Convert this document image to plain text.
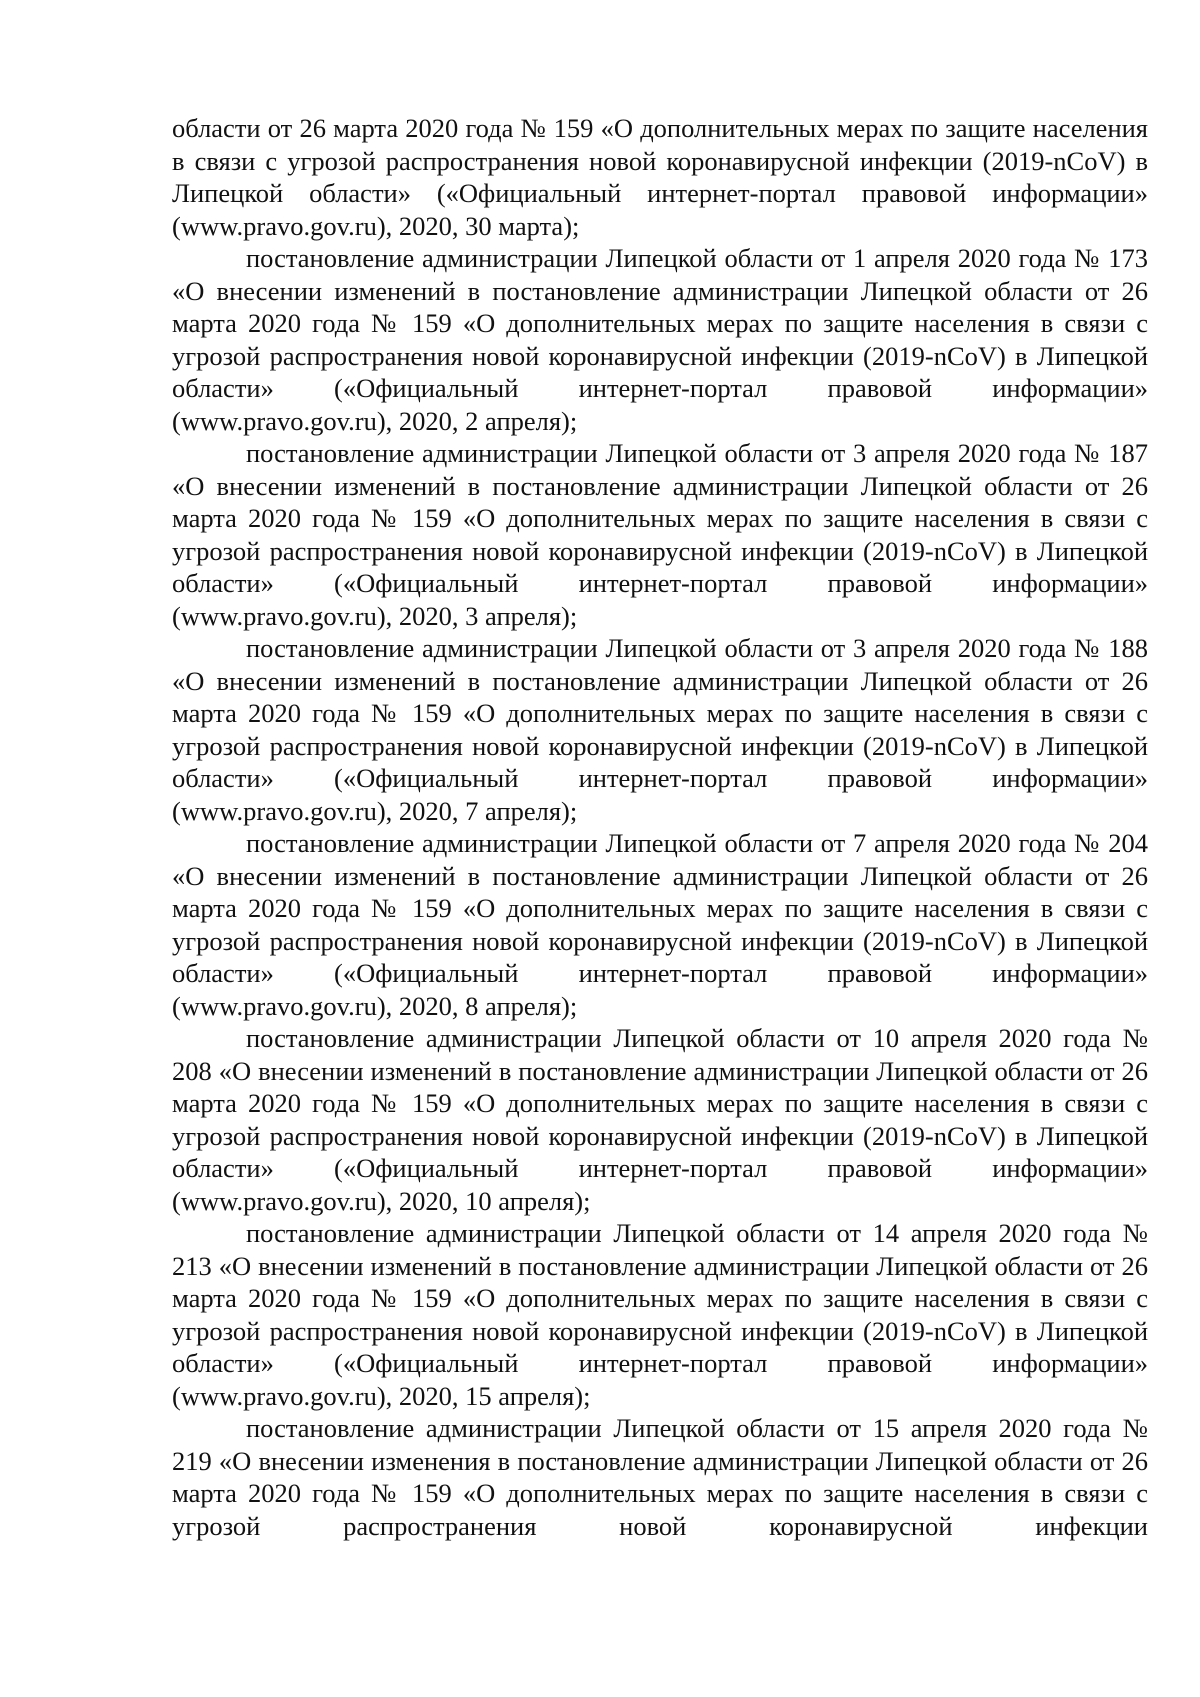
области от 26 марта 2020 года № 159 «О дополнительных мерах по защите населения в связи с угрозой распространения новой коронавирусной инфекции (2019-nCoV) в Липецкой области» («Официальный интернет-портал правовой информации» (www.pravo.gov.ru), 2020, 30 марта);

постановление администрации Липецкой области от 1 апреля 2020 года № 173 «О внесении изменений в постановление администрации Липецкой области от 26 марта 2020 года № 159 «О дополнительных мерах по защите населения в связи с угрозой распространения новой коронавирусной инфекции (2019-nCoV) в Липецкой области» («Официальный интернет-портал правовой информации» (www.pravo.gov.ru), 2020, 2 апреля);

постановление администрации Липецкой области от 3 апреля 2020 года № 187 «О внесении изменений в постановление администрации Липецкой области от 26 марта 2020 года № 159 «О дополнительных мерах по защите населения в связи с угрозой распространения новой коронавирусной инфекции (2019-nCoV) в Липецкой области» («Официальный интернет-портал правовой информации» (www.pravo.gov.ru), 2020, 3 апреля);

постановление администрации Липецкой области от 3 апреля 2020 года № 188 «О внесении изменений в постановление администрации Липецкой области от 26 марта 2020 года № 159 «О дополнительных мерах по защите населения в связи с угрозой распространения новой коронавирусной инфекции (2019-nCoV) в Липецкой области» («Официальный интернет-портал правовой информации» (www.pravo.gov.ru), 2020, 7 апреля);

постановление администрации Липецкой области от 7 апреля 2020 года № 204 «О внесении изменений в постановление администрации Липецкой области от 26 марта 2020 года № 159 «О дополнительных мерах по защите населения в связи с угрозой распространения новой коронавирусной инфекции (2019-nCoV) в Липецкой области» («Официальный интернет-портал правовой информации» (www.pravo.gov.ru), 2020, 8 апреля);

постановление администрации Липецкой области от 10 апреля 2020 года № 208 «О внесении изменений в постановление администрации Липецкой области от 26 марта 2020 года № 159 «О дополнительных мерах по защите населения в связи с угрозой распространения новой коронавирусной инфекции (2019-nCoV) в Липецкой области» («Официальный интернет-портал правовой информации» (www.pravo.gov.ru), 2020, 10 апреля);

постановление администрации Липецкой области от 14 апреля 2020 года № 213 «О внесении изменений в постановление администрации Липецкой области от 26 марта 2020 года № 159 «О дополнительных мерах по защите населения в связи с угрозой распространения новой коронавирусной инфекции (2019-nCoV) в Липецкой области» («Официальный интернет-портал правовой информации» (www.pravo.gov.ru), 2020, 15 апреля);

постановление администрации Липецкой области от 15 апреля 2020 года № 219 «О внесении изменения в постановление администрации Липецкой области от 26 марта 2020 года № 159 «О дополнительных мерах по защите населения в связи с угрозой распространения новой коронавирусной инфекции
